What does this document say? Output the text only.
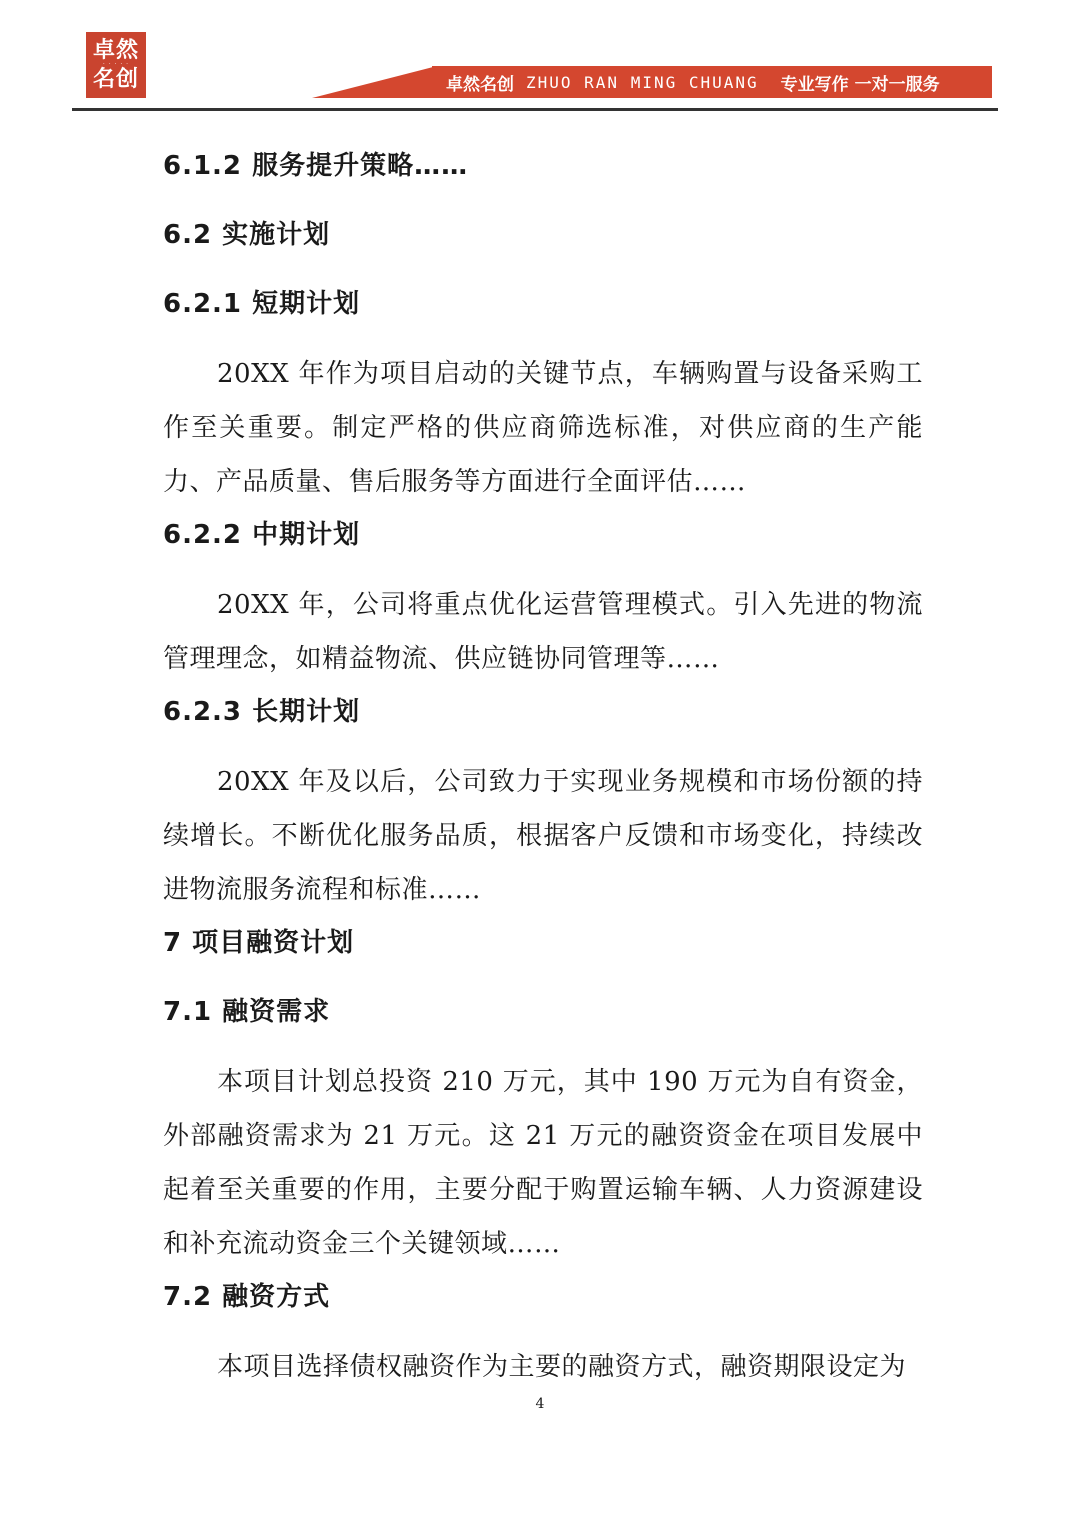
卓然
· · · · ·
名创	卓然名创 ZHUO RAN MING CHUANG 专业写作 一对一服务
6.1.2 服务提升策略……
6.2 实施计划
6.2.1 短期计划

20XX 年作为项目启动的关键节点，车辆购置与设备采购工作至关重要。制定严格的供应商筛选标准，对供应商的生产能力、产品质量、售后服务等方面进行全面评估……

6.2.2 中期计划

20XX 年，公司将重点优化运营管理模式。引入先进的物流管理理念，如精益物流、供应链协同管理等……

6.2.3 长期计划

20XX 年及以后，公司致力于实现业务规模和市场份额的持续增长。不断优化服务品质，根据客户反馈和市场变化，持续改进物流服务流程和标准……

7 项目融资计划
7.1 融资需求

本项目计划总投资 210 万元，其中 190 万元为自有资金，外部融资需求为 21 万元。这 21 万元的融资资金在项目发展中起着至关重要的作用，主要分配于购置运输车辆、人力资源建设和补充流动资金三个关键领域……

7.2 融资方式

本项目选择债权融资作为主要的融资方式，融资期限设定为

4
